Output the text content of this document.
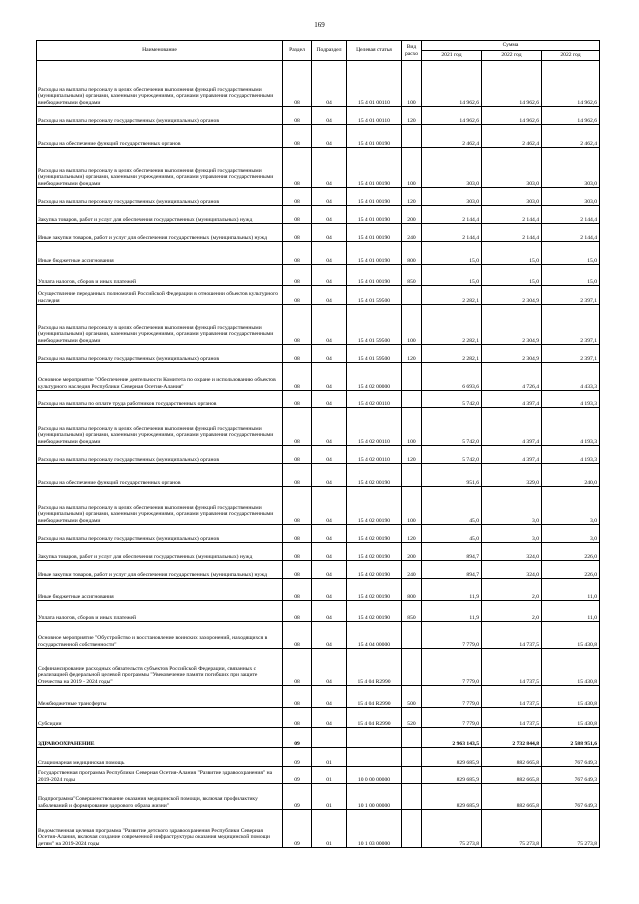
169
Наименование	Раздел	Подраздел	Целевая статья	Вид расхо	Сумма		
					2021 год	2022 год	2022 год
Расходы на выплаты персоналу в целях обеспечения выполнения функций государственными (муниципальными) органами, казенными учреждениями, органами управления государственными внебюджетными фондами	08	04	15 4 01 00110	100	14 962,6	14 962,6	14 962,6
Расходы на выплаты персоналу государственных (муниципальных) органов	08	04	15 4 01 00110	120	14 962,6	14 962,6	14 962,6
Расходы на обеспечение функций государственных органов	08	04	15 4 01 00190		2 462,4	2 462,4	2 462,4
Расходы на выплаты персоналу в целях обеспечения выполнения функций государственными (муниципальными) органами, казенными учреждениями, органами управления государственными внебюджетными фондами	08	04	15 4 01 00190	100	303,0	303,0	303,0
Расходы на выплаты персоналу государственных (муниципальных) органов	08	04	15 4 01 00190	120	303,0	303,0	303,0
Закупка товаров, работ и услуг для обеспечения государственных (муниципальных) нужд	08	04	15 4 01 00190	200	2 144,4	2 144,4	2 144,4
Иные закупки товаров, работ и услуг для обеспечения государственных (муниципальных) нужд	08	04	15 4 01 00190	240	2 144,4	2 144,4	2 144,4
Иные бюджетные ассигнования	08	04	15 4 01 00190	800	15,0	15,0	15,0
Уплата налогов, сборов и иных платежей	08	04	15 4 01 00190	850	15,0	15,0	15,0
Осуществление переданных полномочий Российской Федерации в отношении объектов культурного наследия	08	04	15 4 01 59500		2 282,1	2 304,9	2 397,1
Расходы на выплаты персоналу в целях обеспечения выполнения функций государственными (муниципальными) органами, казенными учреждениями, органами управления государственными внебюджетными фондами	08	04	15 4 01 59500	100	2 282,1	2 304,9	2 397,1
Расходы на выплаты персоналу государственных (муниципальных) органов	08	04	15 4 01 59500	120	2 282,1	2 304,9	2 397,1
Основное мероприятие "Обеспечение деятельности Комитета по охране и использованию объектов культурного наследия Республики Северная Осетия-Алания"	08	04	15 4 02 00000		6 693,6	4 726,4	4 433,3
Расходы на выплаты по оплате труда работников государственных органов	08	04	15 4 02 00110		5 742,0	4 397,4	4 193,3
Расходы на выплаты персоналу в целях обеспечения выполнения функций государственными (муниципальными) органами, казенными учреждениями, органами управления государственными внебюджетными фондами	08	04	15 4 02 00110	100	5 742,0	4 397,4	4 193,3
Расходы на выплаты персоналу государственных (муниципальных) органов	08	04	15 4 02 00110	120	5 742,0	4 397,4	4 193,3
Расходы на обеспечение функций государственных органов	08	04	15 4 02 00190		951,6	329,0	240,0
Расходы на выплаты персоналу в целях обеспечения выполнения функций государственными (муниципальными) органами, казенными учреждениями, органами управления государственными внебюджетными фондами	08	04	15 4 02 00190	100	45,0	3,0	3,0
Расходы на выплаты персоналу государственных (муниципальных) органов	08	04	15 4 02 00190	120	45,0	3,0	3,0
Закупка товаров, работ и услуг для обеспечения государственных (муниципальных) нужд	08	04	15 4 02 00190	200	894,7	324,0	226,0
Иные закупки товаров, работ и услуг для обеспечения государственных (муниципальных) нужд	08	04	15 4 02 00190	240	894,7	324,0	226,0
Иные бюджетные ассигнования	08	04	15 4 02 00190	800	11,9	2,0	11,0
Уплата налогов, сборов и иных платежей	08	04	15 4 02 00190	850	11,9	2,0	11,0
Основное мероприятие "Обустройство и восстановление воинских захоронений, находящихся в государственной собственности"	08	04	15 4 04 00000		7 779,0	14 737,5	15 430,8
Софинансирование расходных обязательств субъектов Российской Федерации, связанных с реализацией федеральной целевой программы "Увековечение памяти погибших при защите Отечества на 2019 - 2024 годы"	08	04	15 4 04 R2990		7 779,0	14 737,5	15 430,8
Межбюджетные трансферты	08	04	15 4 04 R2990	500	7 779,0	14 737,5	15 430,8
Субсидии	08	04	15 4 04 R2990	520	7 779,0	14 737,5	15 430,8
ЗДРАВООХРАНЕНИЕ	09				2 963 143,5	2 732 844,8	2 588 951,6
Стационарная медицинская помощь	09	01			829 685,9	882 665,8	767 649,3
Государственная программа Республики Северная Осетия-Алания "Развитие здравоохранения" на 2019-2024 годы	09	01	10 0 00 00000		829 685,9	882 665,8	767 649,3
Подпрограмма"Совершенствование оказания медицинской помощи, включая профилактику заболеваний и формирование здорового образа жизни"	09	01	10 1 00 00000		829 685,9	882 665,8	767 649,3
Ведомственная целевая программа "Развитие детского здравоохранения Республики Северная Осетия-Алания, включая создание современной инфраструктуры оказания медицинской помощи детям" на 2019-2024 годы	09	01	10 1 03 00000		75 273,8	75 273,8	75 273,8
